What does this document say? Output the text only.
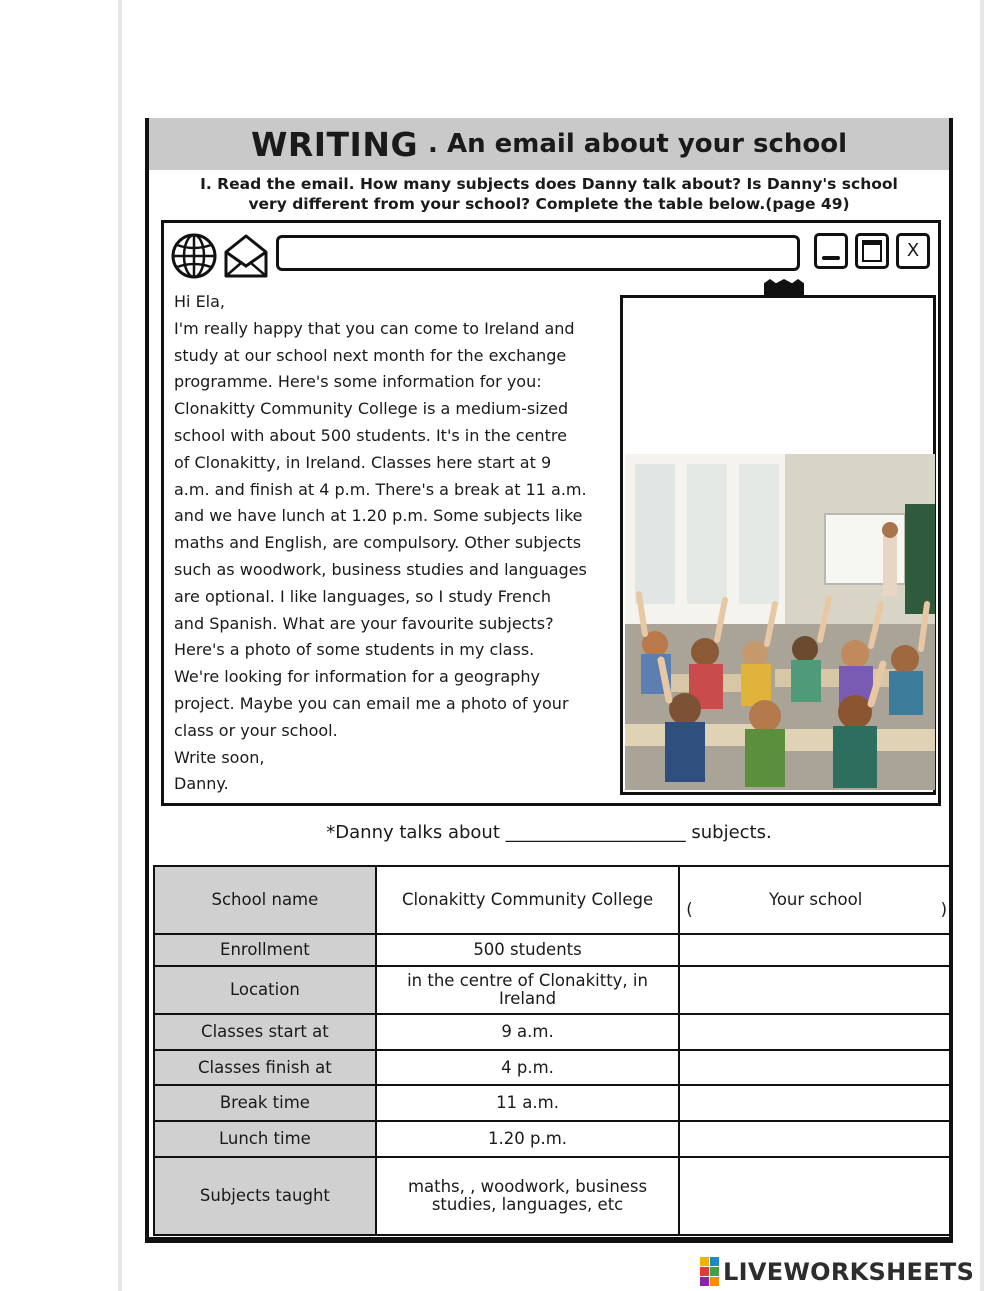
WRITING . An email about your school
I. Read the email. How many subjects does Danny talk about? Is Danny's school
very different from your school? Complete the table below.(page 49)
X

Hi Ela,

I'm really happy that you can come to Ireland and

study at our school next month for the exchange

programme. Here's some information for you:

Clonakitty Community College is a medium-sized

school with about 500 students. It's in the centre

of Clonakitty, in Ireland. Classes here start at 9

a.m. and finish at 4 p.m. There's a break at 11 a.m.

and we have lunch at 1.20 p.m. Some subjects like

maths and English, are compulsory. Other subjects

such as woodwork, business studies and languages

are optional. I like languages, so I study French

and Spanish. What are your favourite subjects?

Here's a photo of some students in my class.

We're looking for information for a geography

project. Maybe you can email me a photo of your

class or your school.

Write soon,

Danny.

*Danny talks about ____________________ subjects.
School name	Clonakitty Community College	Your school
( )

Enrollment	500 students	
Location	in the centre of Clonakitty, in Ireland	
Classes start at	9 a.m.	
Classes finish at	4 p.m.	
Break time	11 a.m.	
Lunch time	1.20 p.m.	
Subjects taught	maths, , woodwork, business studies, languages, etc	
LIVEWORKSHEETS
